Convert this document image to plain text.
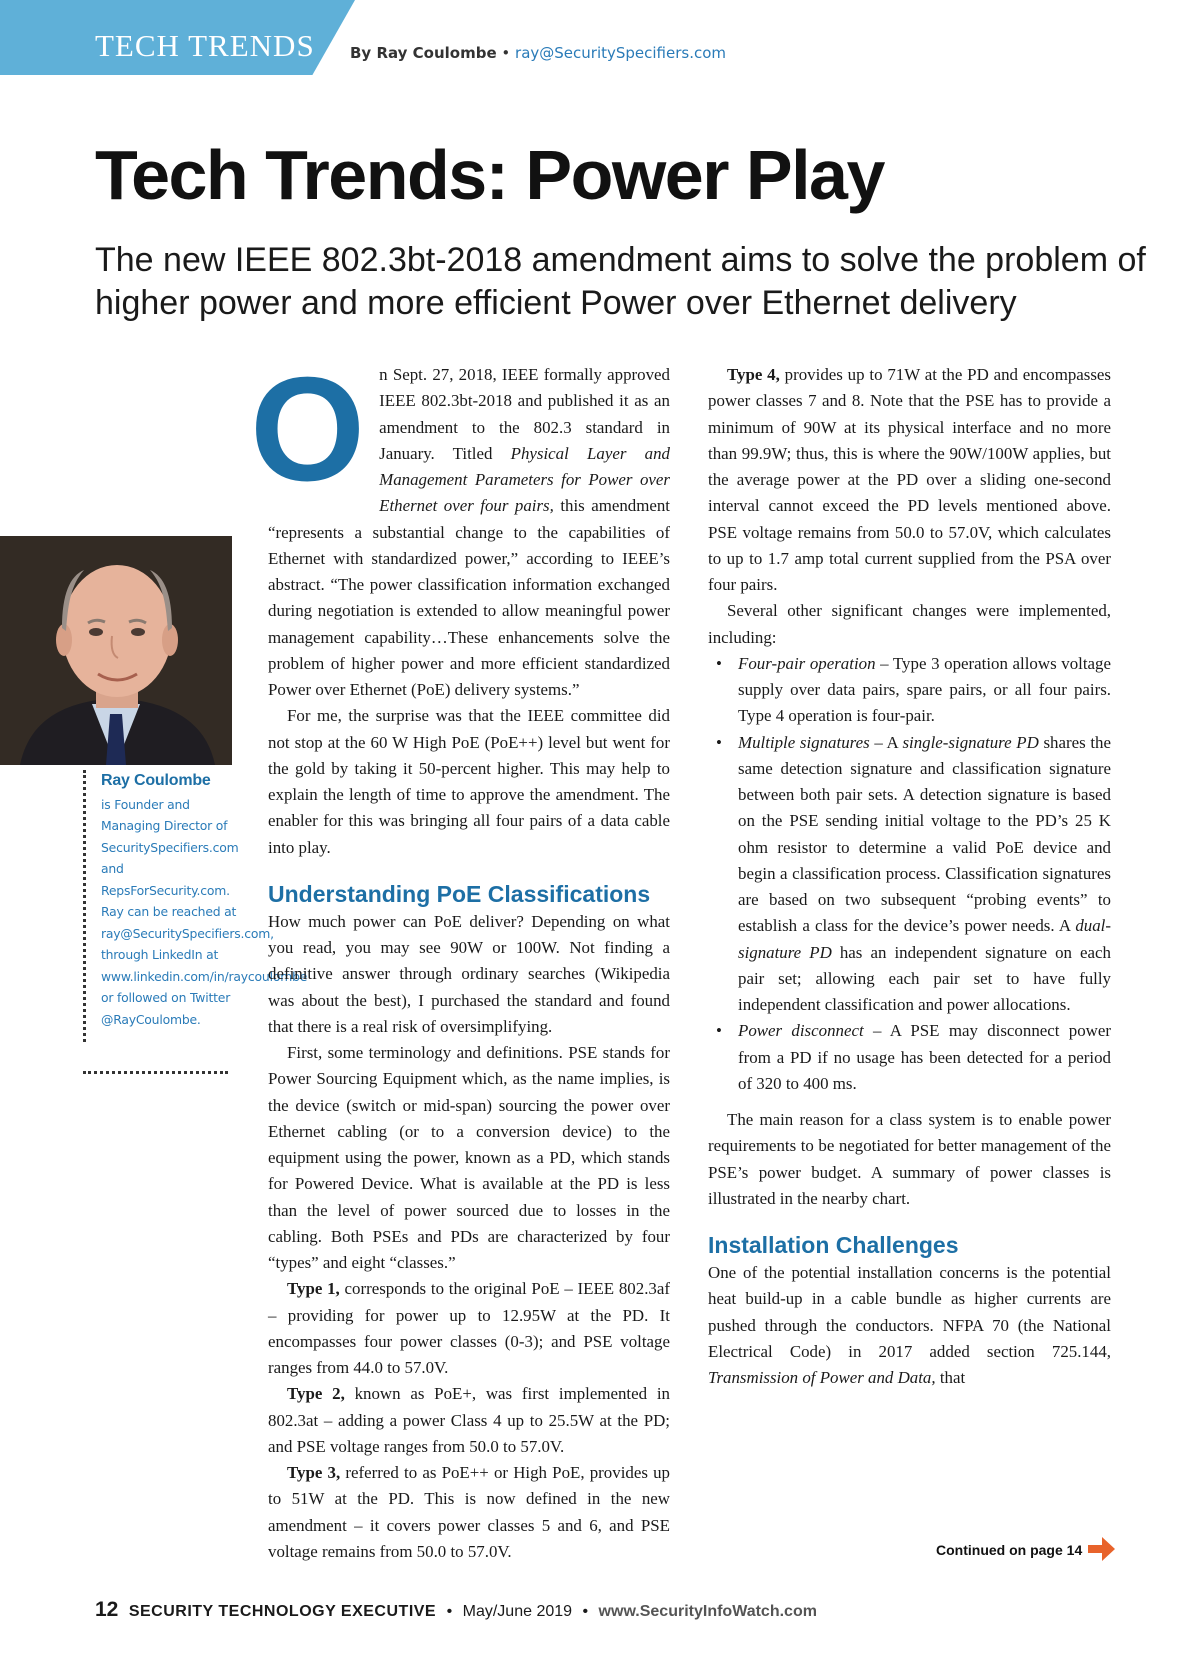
TECH TRENDS By Ray Coulombe • ray@SecuritySpecifiers.com
Tech Trends: Power Play
The new IEEE 802.3bt-2018 amendment aims to solve the problem of higher power and more efficient Power over Ethernet delivery
Ray Coulombe
is Founder and Managing Director of SecuritySpecifiers.com and RepsForSecurity.com. Ray can be reached at ray@SecuritySpecifiers.com, through LinkedIn at www.linkedin.com/in/raycoulombe or followed on Twitter @RayCoulombe.
O n Sept. 27, 2018, IEEE formally approved IEEE 802.3bt-2018 and published it as an amendment to the 802.3 standard in January. Titled Physical Layer and Management Parameters for Power over Ethernet over four pairs, this amendment “represents a substantial change to the capabilities of Ethernet with standardized power,” according to IEEE’s abstract. “The power classification information exchanged during negotiation is extended to allow meaningful power management capability…These enhancements solve the problem of higher power and more efficient standardized Power over Ethernet (PoE) delivery systems.”

For me, the surprise was that the IEEE committee did not stop at the 60 W High PoE (PoE++) level but went for the gold by taking it 50-percent higher. This may help to explain the length of time to approve the amendment. The enabler for this was bringing all four pairs of a data cable into play.

Understanding PoE Classifications

How much power can PoE deliver? Depending on what you read, you may see 90W or 100W. Not finding a definitive answer through ordinary searches (Wikipedia was about the best), I purchased the standard and found that there is a real risk of oversimplifying.

First, some terminology and definitions. PSE stands for Power Sourcing Equipment which, as the name implies, is the device (switch or mid-span) sourcing the power over Ethernet cabling (or to a conversion device) to the equipment using the power, known as a PD, which stands for Powered Device. What is available at the PD is less than the level of power sourced due to losses in the cabling. Both PSEs and PDs are characterized by four “types” and eight “classes.”

Type 1, corresponds to the original PoE – IEEE 802.3af – providing for power up to 12.95W at the PD. It encompasses four power classes (0-3); and PSE voltage ranges from 44.0 to 57.0V.

Type 2, known as PoE+, was first implemented in 802.3at – adding a power Class 4 up to 25.5W at the PD; and PSE voltage ranges from 50.0 to 57.0V.

Type 3, referred to as PoE++ or High PoE, provides up to 51W at the PD. This is now defined in the new amendment – it covers power classes 5 and 6, and PSE voltage remains from 50.0 to 57.0V.

Type 4, provides up to 71W at the PD and encompasses power classes 7 and 8. Note that the PSE has to provide a minimum of 90W at its physical interface and no more than 99.9W; thus, this is where the 90W/100W applies, but the average power at the PD over a sliding one-second interval cannot exceed the PD levels mentioned above. PSE voltage remains from 50.0 to 57.0V, which calculates to up to 1.7 amp total current supplied from the PSA over four pairs.

Several other significant changes were implemented, including:

• Four-pair operation – Type 3 operation allows voltage supply over data pairs, spare pairs, or all four pairs. Type 4 operation is four-pair.
• Multiple signatures – A single-signature PD shares the same detection signature and classification signature between both pair sets. A detection signature is based on the PSE sending initial voltage to the PD’s 25 K ohm resistor to determine a valid PoE device and begin a classification process. Classification signatures are based on two subsequent “probing events” to establish a class for the device’s power needs. A dual-signature PD has an independent signature on each pair set; allowing each pair set to have fully independent classification and power allocations.
• Power disconnect – A PSE may disconnect power from a PD if no usage has been detected for a period of 320 to 400 ms.

The main reason for a class system is to enable power requirements to be negotiated for better management of the PSE’s power budget. A summary of power classes is illustrated in the nearby chart.

Installation Challenges

One of the potential installation concerns is the potential heat build-up in a cable bundle as higher currents are pushed through the conductors. NFPA 70 (the National Electrical Code) in 2017 added section 725.144, Transmission of Power and Data, that

Continued on page 14
12 SECURITY TECHNOLOGY EXECUTIVE • May/June 2019 • www.SecurityInfoWatch.com
